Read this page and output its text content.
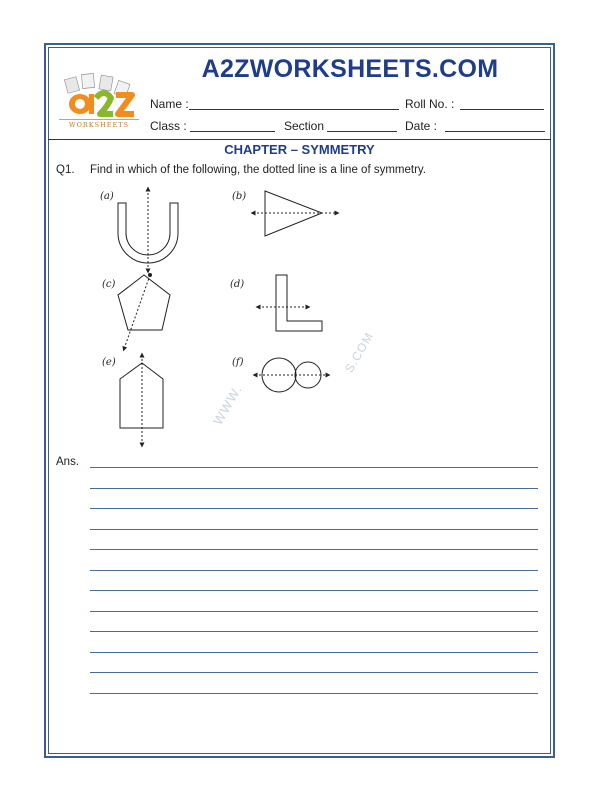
WORKSHEETS
A2ZWORKSHEETS.COM
Name :	Roll No. :
Class :	Section	Date :
CHAPTER – SYMMETRY
Q1. Find in which of the following, the dotted line is a line of symmetry.
(a)	(b)
(c)	(d)
(e)	(f)
WWW.
S.COM
Ans.
